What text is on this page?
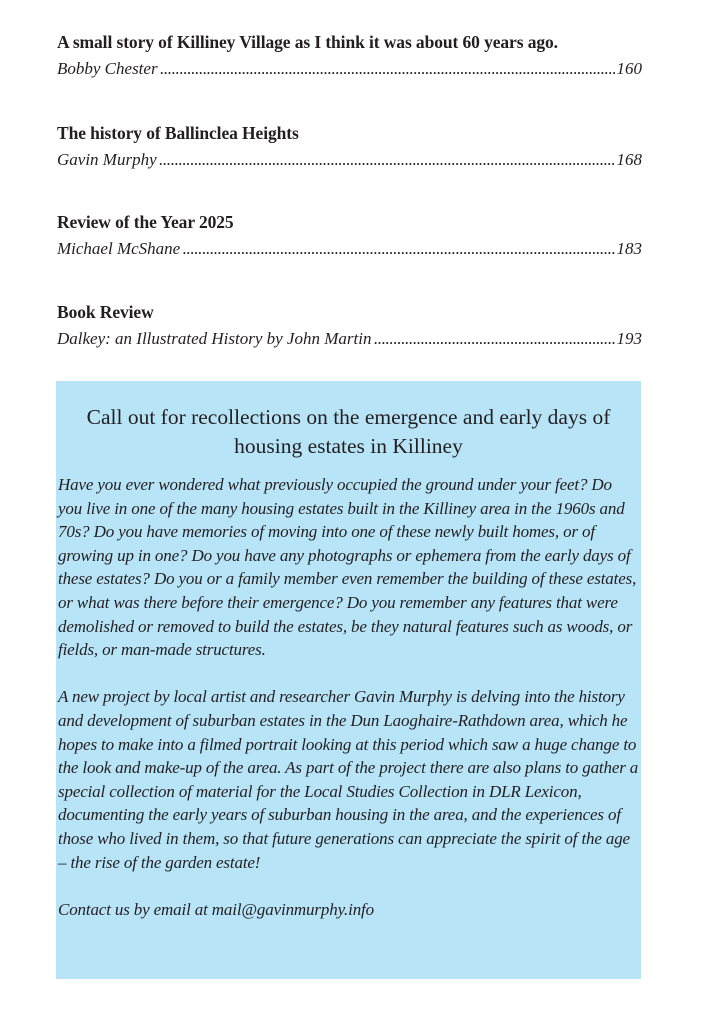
A small story of Killiney Village as I think it was about 60 years ago.
Bobby Chester . . .	160
The history of Ballinclea Heights
Gavin Murphy . . .	168
Review of the Year 2025
Michael McShane . . .	183
Book Review
Dalkey: an Illustrated History by John Martin . . .	193
Call out for recollections on the emergence and early days of housing estates in Killiney

Have you ever wondered what previously occupied the ground under your feet? Do you live in one of the many housing estates built in the Killiney area in the 1960s and 70s? Do you have memories of moving into one of these newly built homes, or of growing up in one? Do you have any photographs or ephemera from the early days of these estates? Do you or a family member even remember the building of these estates, or what was there before their emergence? Do you remember any features that were demolished or removed to build the estates, be they natural features such as woods, or fields, or man-made structures.

A new project by local artist and researcher Gavin Murphy is delving into the history and development of suburban estates in the Dun Laoghaire-Rathdown area, which he hopes to make into a filmed portrait looking at this period which saw a huge change to the look and make-up of the area. As part of the project there are also plans to gather a special collection of material for the Local Studies Collection in DLR Lexicon, documenting the early years of suburban housing in the area, and the experiences of those who lived in them, so that future generations can appreciate the spirit of the age – the rise of the garden estate!

Contact us by email at mail@gavinmurphy.info
